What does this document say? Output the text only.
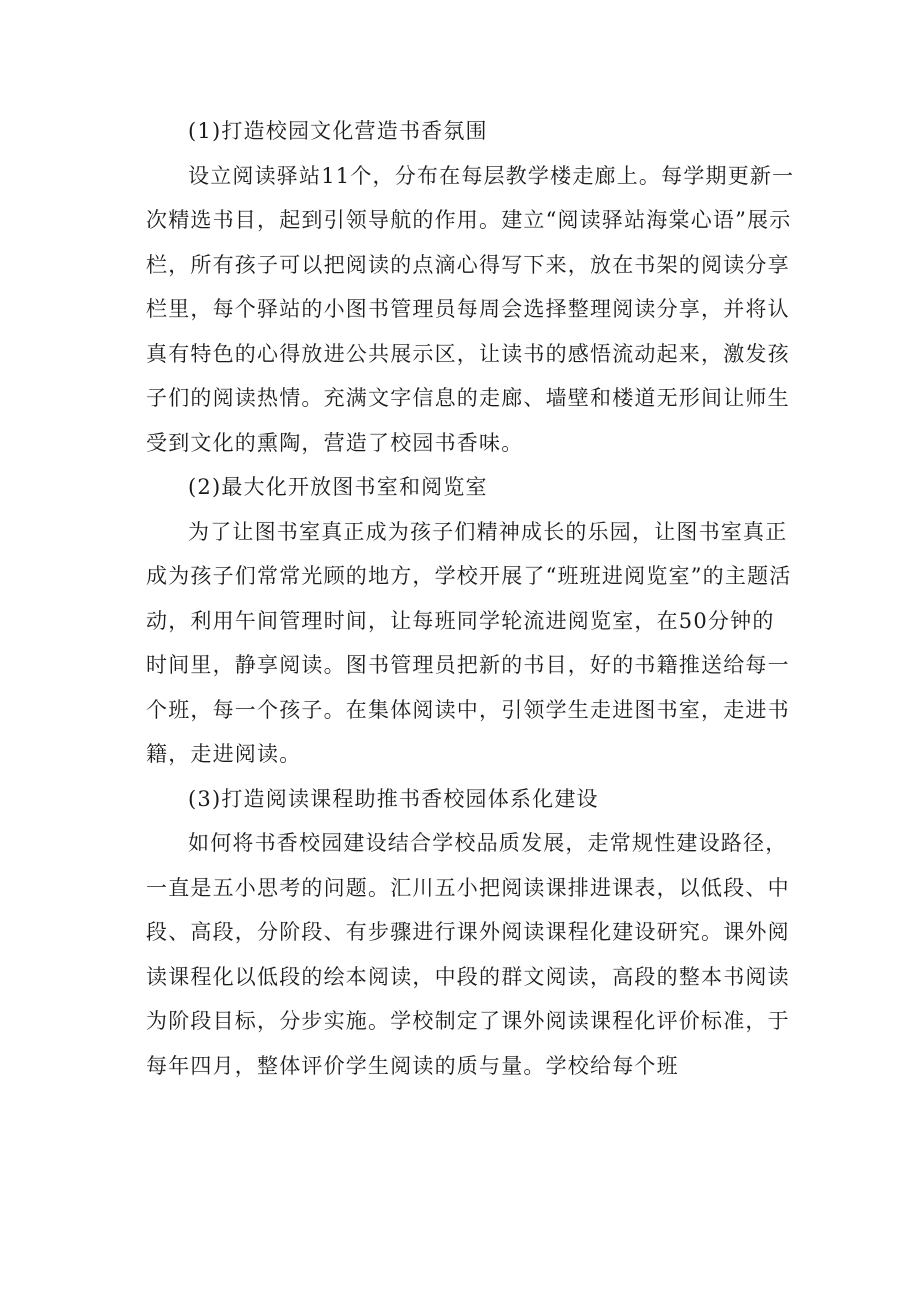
(1)打造校园文化营造书香氛围

设立阅读驿站11个，分布在每层教学楼走廊上。每学期更新一次精选书目，起到引领导航的作用。建立“阅读驿站海棠心语”展示栏，所有孩子可以把阅读的点滴心得写下来，放在书架的阅读分享栏里，每个驿站的小图书管理员每周会选择整理阅读分享，并将认真有特色的心得放进公共展示区，让读书的感悟流动起来，激发孩子们的阅读热情。充满文字信息的走廊、墙壁和楼道无形间让师生受到文化的熏陶，营造了校园书香味。

(2)最大化开放图书室和阅览室

为了让图书室真正成为孩子们精神成长的乐园，让图书室真正成为孩子们常常光顾的地方，学校开展了“班班进阅览室”的主题活动，利用午间管理时间，让每班同学轮流进阅览室，在50分钟的时间里，静享阅读。图书管理员把新的书目，好的书籍推送给每一个班，每一个孩子。在集体阅读中，引领学生走进图书室，走进书籍，走进阅读。

(3)打造阅读课程助推书香校园体系化建设

如何将书香校园建设结合学校品质发展，走常规性建设路径，一直是五小思考的问题。汇川五小把阅读课排进课表，以低段、中段、高段，分阶段、有步骤进行课外阅读课程化建设研究。课外阅读课程化以低段的绘本阅读，中段的群文阅读，高段的整本书阅读为阶段目标，分步实施。学校制定了课外阅读课程化评价标准，于每年四月，整体评价学生阅读的质与量。学校给每个班
